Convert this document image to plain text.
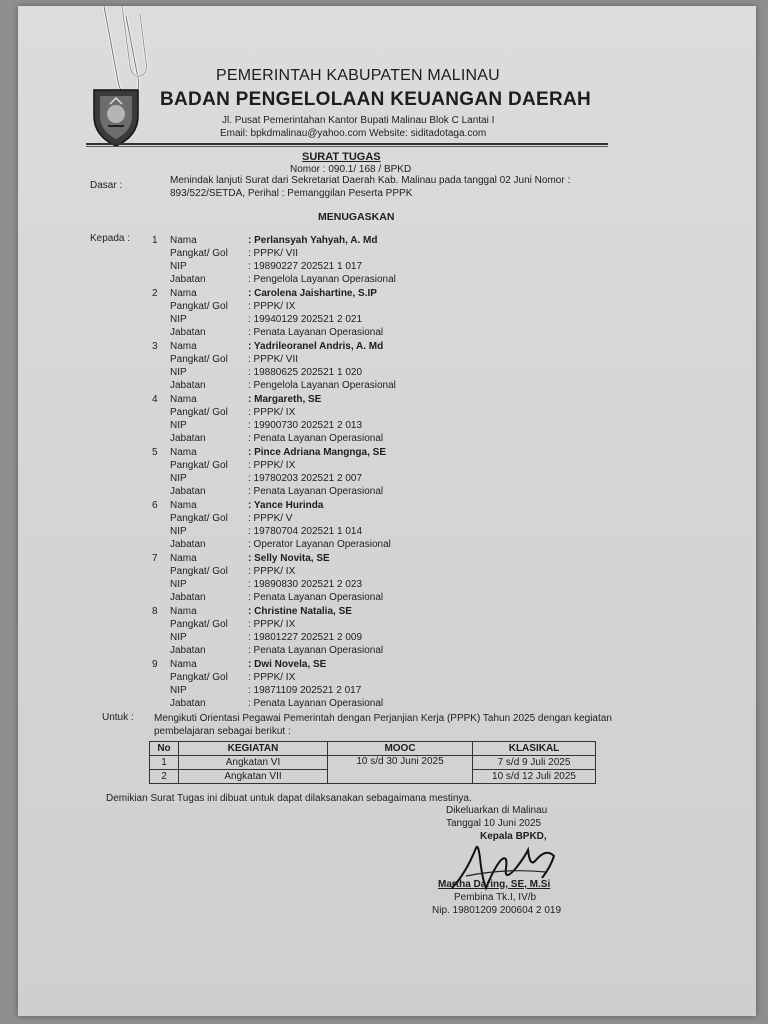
PEMERINTAH KABUPATEN MALINAU
BADAN PENGELOLAAN KEUANGAN DAERAH
Jl. Pusat Pemerintahan Kantor Bupati Malinau Blok C Lantai I
Email: bpkdmalinau@yahoo.com Website: siditadotaga.com
SURAT TUGAS
Nomor : 090.1/ 168 / BPKD
Dasar :	Menindak lanjuti Surat dari Sekretariat Daerah Kab. Malinau pada tanggal 02 Juni Nomor : 893/522/SETDA, Perihal : Pemanggilan Peserta PPPK
MENUGASKAN
Kepada :
Untuk : Mengikuti Orientasi Pegawai Pemerintah dengan Perjanjian Kerja (PPPK) Tahun 2025 dengan kegiatan pembelajaran sebagai berikut :
No	KEGIATAN	MOOC	KLASIKAL
1	Angkatan VI	10 s/d 30 Juni 2025	7 s/d 9 Juli 2025
2	Angkatan VII		10 s/d 12 Juli 2025
Demikian Surat Tugas ini dibuat untuk dapat dilaksanakan sebagaimana mestinya.
Dikeluarkan di Malinau
Tanggal 10 Juni 2025
Kepala BPKD,
Martha Daring, SE, M.Si
Pembina Tk.I, IV/b
Nip. 19801209 200604 2 019
1 Nama	: Perlansyah Yahyah, A. Md
Pangkat/ Gol : PPPK/ VII
NIP	: 19890227 202521 1 017
Jabatan	: Pengelola Layanan Operasional
2 Nama	: Carolena Jaishartine, S.IP
Pangkat/ Gol : PPPK/ IX
NIP	: 19940129 202521 2 021
Jabatan	: Penata Layanan Operasional
3 Nama	: Yadrileoranel Andris, A. Md
Pangkat/ Gol : PPPK/ VII
NIP	: 19880625 202521 1 020
Jabatan	: Pengelola Layanan Operasional
4 Nama	: Margareth, SE
Pangkat/ Gol : PPPK/ IX
NIP	: 19900730 202521 2 013
Jabatan	: Penata Layanan Operasional
5 Nama	: Pince Adriana Mangnga, SE
Pangkat/ Gol : PPPK/ IX
NIP	: 19780203 202521 2 007
Jabatan	: Penata Layanan Operasional
6 Nama	: Yance Hurinda
Pangkat/ Gol : PPPK/ V
NIP	: 19780704 202521 1 014
Jabatan	: Operator Layanan Operasional
7 Nama	: Selly Novita, SE
Pangkat/ Gol : PPPK/ IX
NIP	: 19890830 202521 2 023
Jabatan	: Penata Layanan Operasional
8 Nama	: Christine Natalia, SE
Pangkat/ Gol : PPPK/ IX
NIP	: 19801227 202521 2 009
Jabatan	: Penata Layanan Operasional
9 Nama	: Dwi Novela, SE
Pangkat/ Gol : PPPK/ IX
NIP	: 19871109 202521 2 017
Jabatan	: Penata Layanan Operasional
